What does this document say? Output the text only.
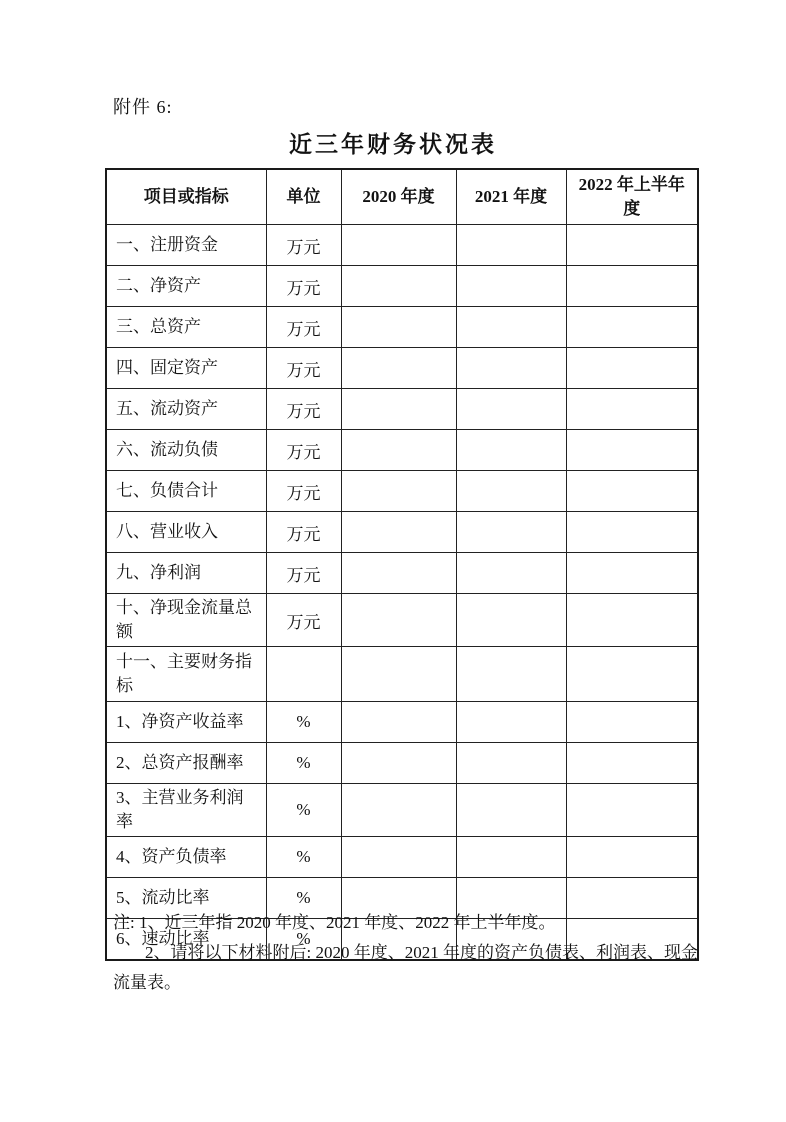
附件 6:
近三年财务状况表
项目或指标	单位	2020 年度	2021 年度	2022 年上半年度
一、注册资金	万元			
二、净资产	万元			
三、总资产	万元			
四、固定资产	万元			
五、流动资产	万元			
六、流动负债	万元			
七、负债合计	万元			
八、营业收入	万元			
九、净利润	万元			
十、净现金流量总额	万元			
十一、主要财务指标				
1、净资产收益率	%			
2、总资产报酬率	%			
3、主营业务利润率	%			
4、资产负债率	%			
5、流动比率	%			
6、速动比率	%			

注: 1、近三年指 2020 年度、2021 年度、2022 年上半年度。

2、请将以下材料附后: 2020 年度、2021 年度的资产负债表、利润表、现金

流量表。
